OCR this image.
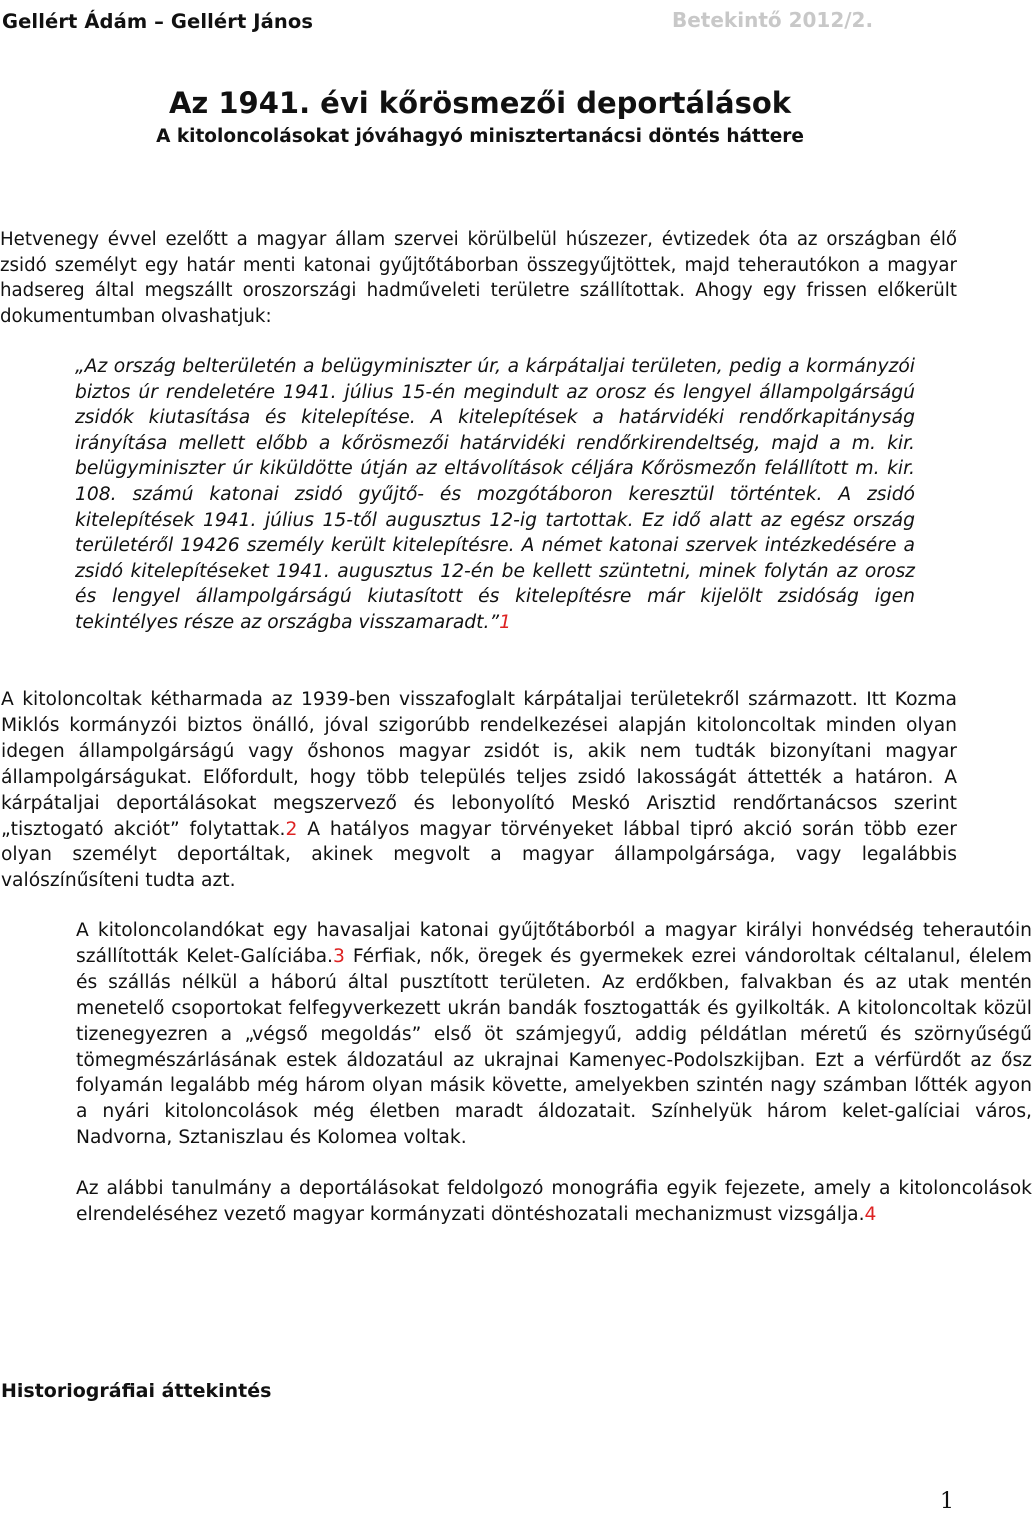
Gellért Ádám – Gellért János	Betekintő 2012/2.
Az 1941. évi kőrösmezői deportálások
A kitoloncolásokat jóváhagyó minisztertanácsi döntés háttere

Hetvenegy évvel ezelőtt a magyar állam szervei körülbelül húszezer, évtizedek óta az országban élő zsidó személyt egy határ menti katonai gyűjtőtáborban összegyűjtöttek, majd teherautókon a magyar hadsereg által megszállt oroszországi hadműveleti területre szállítottak. Ahogy egy frissen előkerült dokumentumban olvashatjuk:

„Az ország belterületén a belügyminiszter úr, a kárpátaljai területen, pedig a kormányzói biztos úr rendeletére 1941. július 15-én megindult az orosz és lengyel állampolgárságú zsidók kiutasítása és kitelepítése. A kitelepítések a határvidéki rendőrkapitányság irányítása mellett előbb a kőrösmezői határvidéki rendőrkirendeltség, majd a m. kir. belügyminiszter úr kiküldötte útján az eltávolítások céljára Kőrösmezőn felállított m. kir. 108. számú katonai zsidó gyűjtő- és mozgótáboron keresztül történtek. A zsidó kitelepítések 1941. július 15-től augusztus 12-ig tartottak. Ez idő alatt az egész ország területéről 19426 személy került kitelepítésre. A német katonai szervek intézkedésére a zsidó kitelepítéseket 1941. augusztus 12-én be kellett szüntetni, minek folytán az orosz és lengyel állampolgárságú kiutasított és kitelepítésre már kijelölt zsidóság igen tekintélyes része az országba visszamaradt.”1

A kitoloncoltak kétharmada az 1939-ben visszafoglalt kárpátaljai területekről származott. Itt Kozma Miklós kormányzói biztos önálló, jóval szigorúbb rendelkezései alapján kitoloncoltak minden olyan idegen állampolgárságú vagy őshonos magyar zsidót is, akik nem tudták bizonyítani magyar állampolgárságukat. Előfordult, hogy több település teljes zsidó lakosságát áttették a határon. A kárpátaljai deportálásokat megszervező és lebonyolító Meskó Arisztid rendőrtanácsos szerint „tisztogató akciót” folytattak.2 A hatályos magyar törvényeket lábbal tipró akció során több ezer olyan személyt deportáltak, akinek megvolt a magyar állampolgársága, vagy legalábbis valószínűsíteni tudta azt.

A kitoloncolandókat egy havasaljai katonai gyűjtőtáborból a magyar királyi honvédség teherautóin szállították Kelet-Galíciába.3 Férfiak, nők, öregek és gyermekek ezrei vándoroltak céltalanul, élelem és szállás nélkül a háború által pusztított területen. Az erdőkben, falvakban és az utak mentén menetelő csoportokat felfegyverkezett ukrán bandák fosztogatták és gyilkolták. A kitoloncoltak közül tizenegyezren a „végső megoldás” első öt számjegyű, addig példátlan méretű és szörnyűségű tömegmészárlásának estek áldozatául az ukrajnai Kamenyec-Podolszkijban. Ezt a vérfürdőt az ősz folyamán legalább még három olyan másik követte, amelyekben szintén nagy számban lőtték agyon a nyári kitoloncolások még életben maradt áldozatait. Színhelyük három kelet-galíciai város, Nadvorna, Sztaniszlau és Kolomea voltak.

Az alábbi tanulmány a deportálásokat feldolgozó monográfia egyik fejezete, amely a kitoloncolások elrendeléséhez vezető magyar kormányzati döntéshozatali mechanizmust vizsgálja.4

Historiográfiai áttekintés
1
